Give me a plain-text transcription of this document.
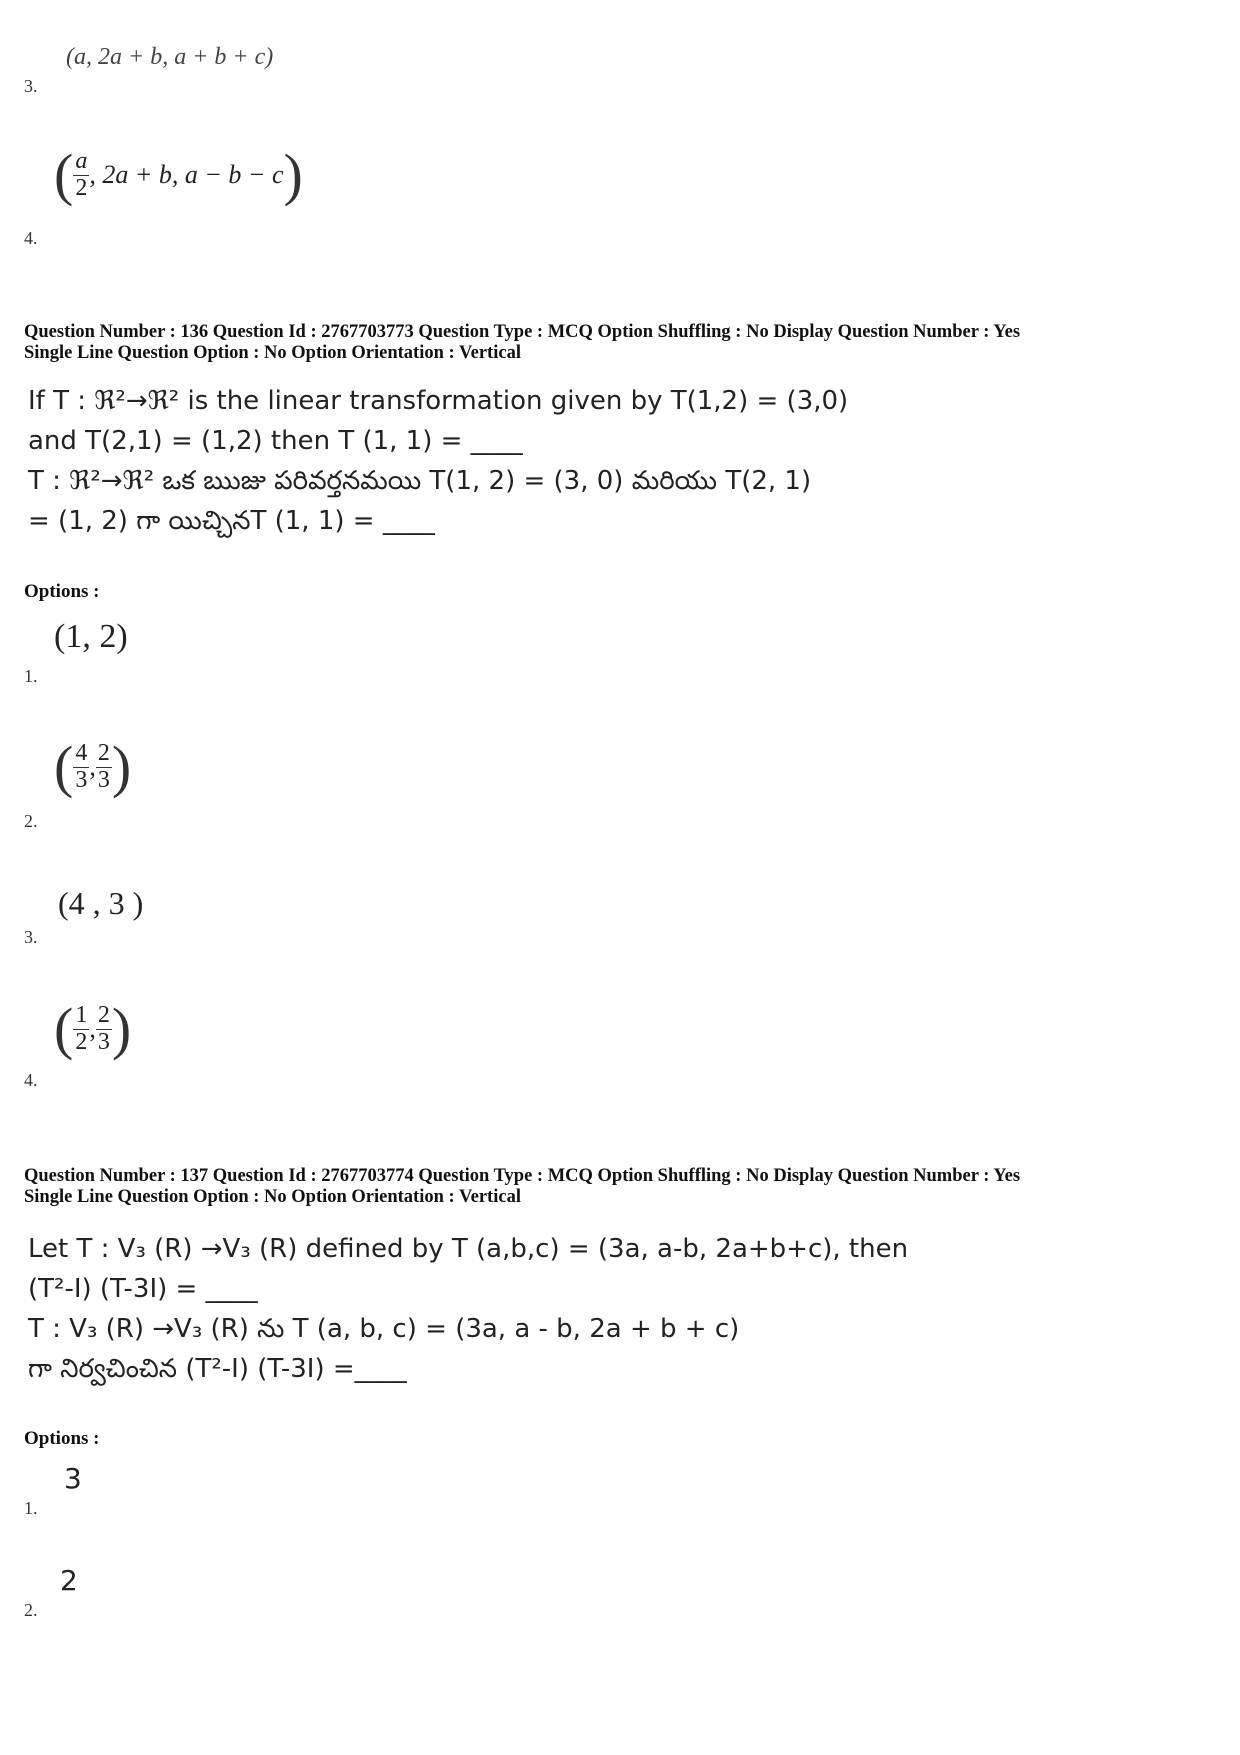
(a, 2a + b, a + b + c)
3.
( $\frac{a}{2}$ , 2a + b, a − b − c )
4.
Question Number : 136 Question Id : 2767703773 Question Type : MCQ Option Shuffling : No Display Question Number : Yes
Single Line Question Option : No Option Orientation : Vertical
If T : ℜ²→ℜ² is the linear transformation given by T(1,2) = (3,0)
and T(2,1) = (1,2) then T (1, 1) = ____
T : ℜ²→ℜ² ఒక ఋజు పరివర్తనమయి T(1, 2) = (3, 0) మరియు T(2, 1)
= (1, 2) గా యిచ్చినT (1, 1) = ____
Options :
(1, 2)
1.
( $\frac{4}{3}$ , $\frac{2}{3}$ )
2.
(4 , 3 )
3.
( $\frac{1}{2}$ , $\frac{2}{3}$ )
4.
Question Number : 137 Question Id : 2767703774 Question Type : MCQ Option Shuffling : No Display Question Number : Yes
Single Line Question Option : No Option Orientation : Vertical
Let T : V₃ (R) →V₃ (R) defined by T (a,b,c) = (3a, a-b, 2a+b+c), then
(T²-I) (T-3I) = ____
T : V₃ (R) →V₃ (R) ను T (a, b, c) = (3a, a - b, 2a + b + c)
గా నిర్వచించిన (T²-I) (T-3I) =____
Options :
3
1.
2
2.
